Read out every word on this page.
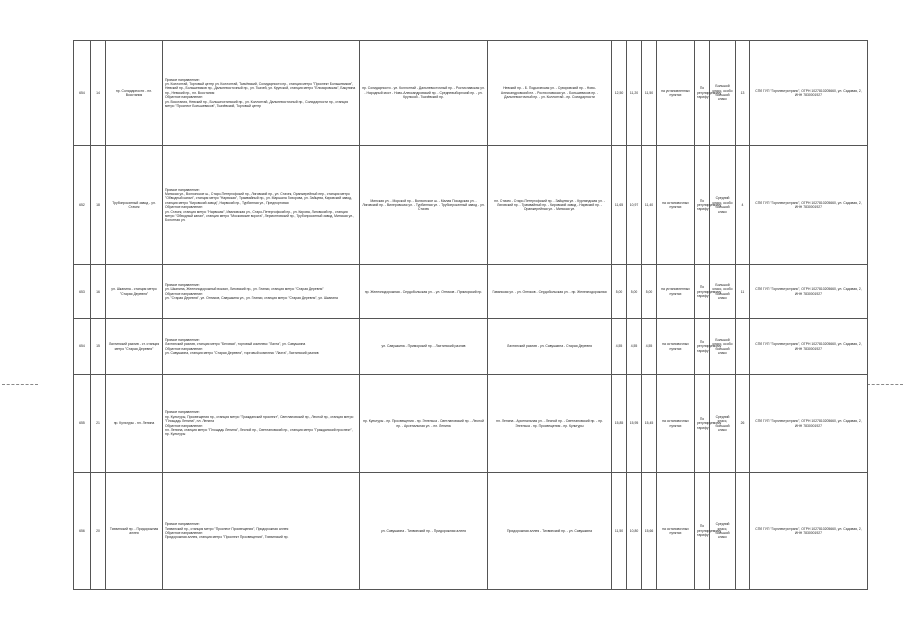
654	14	пр. Солидарности - пл. Восстания	Прямое направление:
ул. Коллонтай, Торговый центр ул. Коллонтай, Ткачёвский, Солидарности пр., станция метро "Проспект Большевиков", Невский пр., Большевиков пр., Дальневосточный пр., ул. Ткачей, ул. Крупской, станция метро "Елизаровская", Бакунина пр., Невский пр., пл. Восстания
Обратное направление:
ул. Восстания, Невский пр., Большеохтинский пр., ул. Коллонтай, Дальневосточный пр., Солидарности пр., станция метро "Проспект Большевиков", Ткачёвский, Торговый центр	пр. Солидарности - ул. Коллонтай - Дальневосточный пр. - Ростиславская ул. - Народный мост - Ново-Александровский пр. - Средневыборгский пр. - ул. Крупской - Ткачёвский пр.	Невский пр. - Б. Подьяческая ул. - Суворовский пр. - Ново-Александровский пл. - Ростиславская ул. - Большевиков пр. - Дальневосточный пр. - ул. Коллонтай - пр. Солидарности	12,50	11,20	11,50	на установленных пунктах	По регулируемому тарифу	Большой класс, особо большой класс	13	СПб ГУП "Горэлектротранс", ОГРН 1027810205660, ул. Садовая, 2, ИНН 7830001927
652	18	Трубопрокатный завод - ул. Стачек	Прямое направление:
Минская ул., Волхонское ш., Старо-Петергофский пр., Лиговский пр., ул. Стачек, Оранжерейный пер., станция метро "Обводный канал", станция метро "Нарвская", Трамвайный пр., ул. Маршала Говорова, ул. Зайцева, Кировский завод, станция метро "Кировский завод", Нарвский пр., Турбинная ул., Предпортовая
Обратное направление:
ул. Стачек, станция метро "Нарвская", Ивановская ул., Старо-Петергофский пр., ул. Кирова, Лиговский пр., станция метро "Обводный канал", станция метро "Московские ворота", Лермонтовский пр., Трубопрокатный завод, Минская ул., Болотная ул.	Минская ул. - Морской пр. - Волхонское ш. - Малая Посадская ул. - Лиговский пр. - Вилеровская ул. - Турбинная ул. - Трубопрокатный завод - ул. Стачек	пл. Стачек - Старо-Петергофский пр. - Зайцева ул. - Курляндская ул. - Лиговский пр. - Трамвайный пр. - Кировский завод - Нарвский пр. - Оранжерейная ул. - Минская ул.	11,65	10,97	11,40	на остановочных пунктах	По регулируемому тарифу	Средний класс, особо большой класс	4	СПб ГУП "Горэлектротранс", ОГРН 1027810205660, ул. Садовая, 2, ИНН 7830001927
653	16	ул. Шкапина - станция метро "Старая Деревня"	Прямое направление:
ул. Шкапина, Железнодорожный вокзал, Лиговский пр., ул. Глинки, станция метро "Старая Деревня"
Обратное направление:
ул. "Старая Деревня", ул. Оптиков, Савушкина ул., ул. Глинки, станция метро "Старая Деревня", ул. Шкапина	пр. Железнодорожная - Сердобольская ул. - ул. Оптиков - Приморский пр.	Гаванская ул. - ул. Оптиков - Сердобольская ул. - пр. Железнодорожная	5,00	5,00	5,00	на установленных пунктах	По регулируемому тарифу	Большой класс, особо большой класс	11	СПб ГУП "Горэлектротранс", ОГРН 1027810205660, ул. Садовая, 2, ИНН 7830001927
654	15	Лахтинский разлив - ст. станция метро "Старая Деревня"	Прямое направление:
Лахтинский разлив, станция метро "Беговая", торговый комплекс "Лахта", ул. Савушкина
Обратное направление:
ул. Савушкина, станция метро "Старая Деревня", торговый комплекс "Лахта", Лахтинский разлив	ул. Савушкина - Приморский пр. - Лахтинский разлив	Лахтинский разлив - ул. Савушкина - Старая Деревня	4,55	4,55	4,55	на остановочных пунктах	По регулируемому тарифу	Большой класс, особо большой класс		СПб ГУП "Горэлектротранс", ОГРН 1027810205660, ул. Садовая, 2, ИНН 7830001927
655	21	пр. Культуры - пл. Ленина	Прямое направление:
пр. Культуры, Просвещения пр., станция метро "Гражданский проспект", Светлановский пр., Лесной пр., станция метро "Площадь Ленина", пл. Ленина
Обратное направление:
пл. Ленина, станция метро "Площадь Ленина", Лесной пр., Светлановский пр., станция метро "Гражданский проспект", пр. Культуры	пр. Культуры - пр. Просвещения - пр. Энгельса - Светлановский пр. - Лесной пр. - Арсенальная ул. - пл. Ленина	пл. Ленина - Арсенальная ул. - Лесной пр. - Светлановский пр. - пр. Энгельса - пр. Просвещения - пр. Культуры	15,85	15,95	15,45	на остановочных пунктах	По регулируемому тарифу	Средний класс, большой класс	26	СПб ГУП "Горэлектротранс", ОГРН 1027810205660, ул. Садовая, 2, ИНН 7830001927
656	20	Тихвинский пр. - Придорожная аллея	Прямое направление:
Тихвинский пр., станция метро "Проспект Просвещения", Придорожная аллея
Обратное направление:
Придорожная аллея, станция метро "Проспект Просвещения", Тихвинский пр.	ул. Савушкина - Тихвинский пр. - Придорожная аллея	Придорожная аллея - Тихвинский пр. - ул. Савушкина	11,50	10,80	15,66	на остановочных пунктах	По регулируемому тарифу	Средний класс, большой класс		СПб ГУП "Горэлектротранс", ОГРН 1027810205660, ул. Садовая, 2, ИНН 7830001927
